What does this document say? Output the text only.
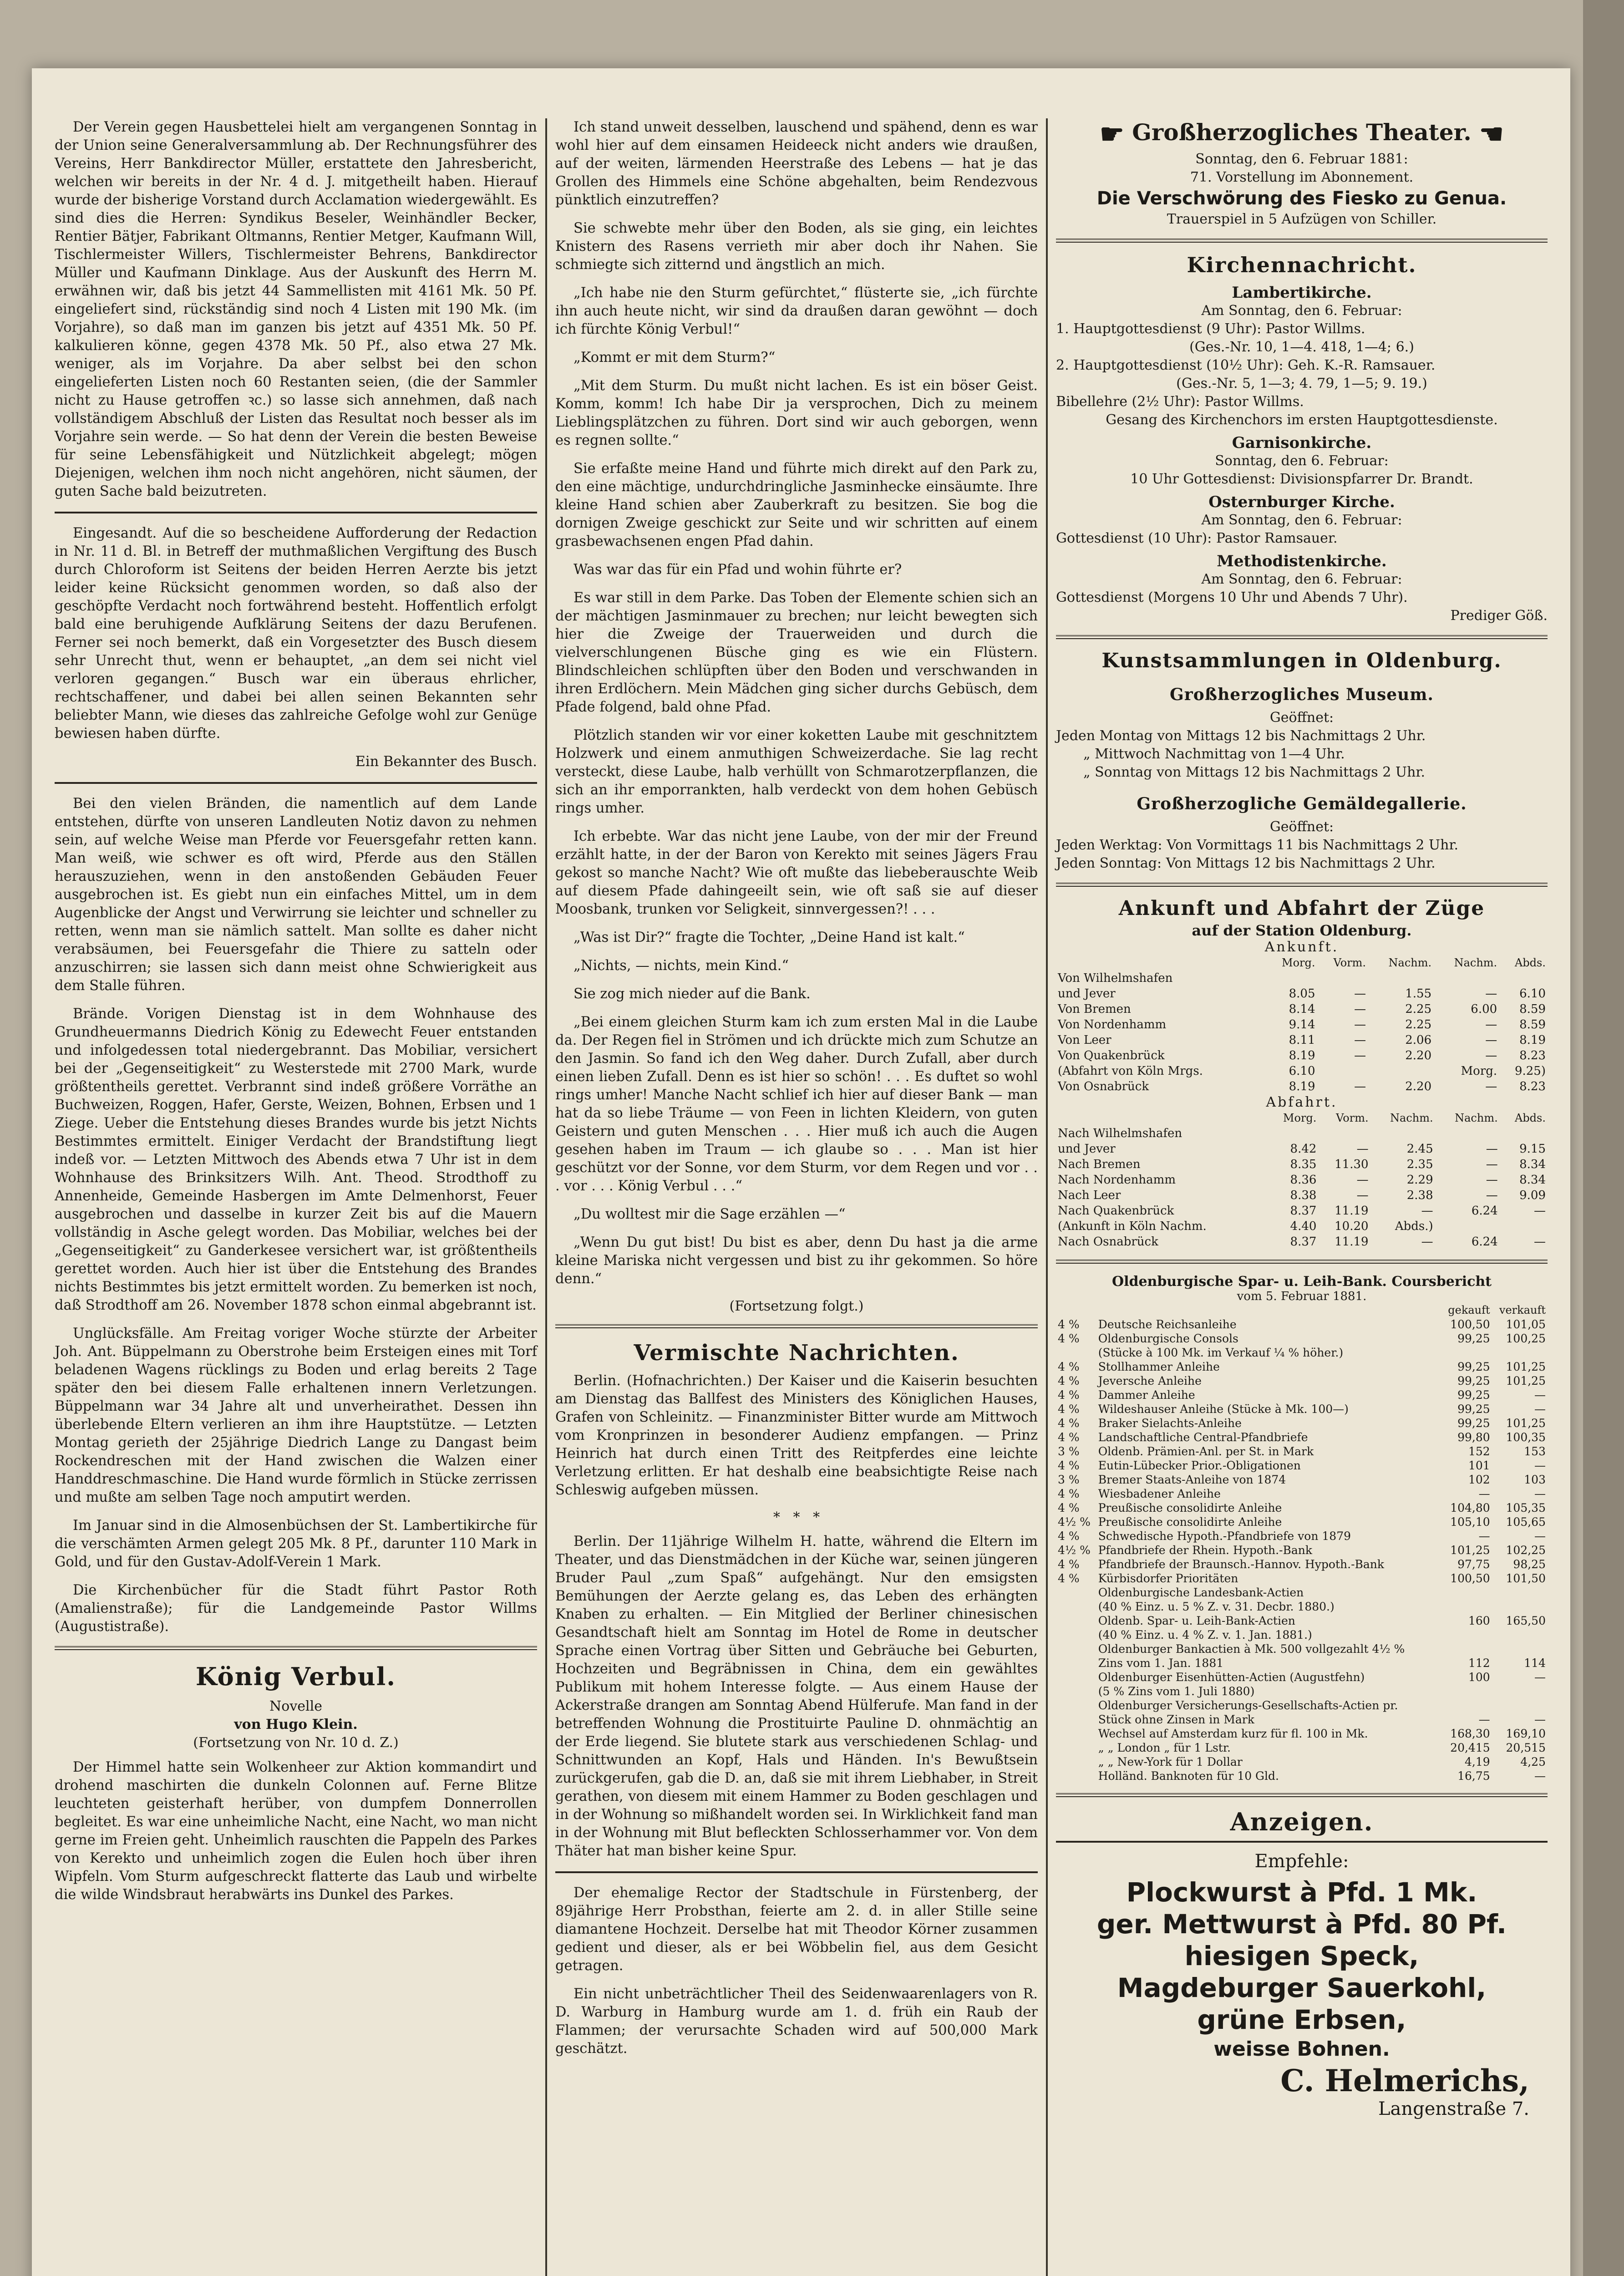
Der Verein gegen Hausbettelei hielt am vergangenen Sonntag in der Union seine Generalversammlung ab. Der Rechnungsführer des Vereins, Herr Bankdirector Müller, erstattete den Jahresbericht, welchen wir bereits in der Nr. 4 d. J. mitgetheilt haben. Hierauf wurde der bisherige Vorstand durch Acclamation wiedergewählt. Es sind dies die Herren: Syndikus Beseler, Weinhändler Becker, Rentier Bätjer, Fabrikant Oltmanns, Rentier Metger, Kaufmann Will, Tischlermeister Willers, Tischlermeister Behrens, Bankdirector Müller und Kaufmann Dinklage. Aus der Auskunft des Herrn M. erwähnen wir, daß bis jetzt 44 Sammellisten mit 4161 Mk. 50 Pf. eingeliefert sind, rückständig sind noch 4 Listen mit 190 Mk. (im Vorjahre), so daß man im ganzen bis jetzt auf 4351 Mk. 50 Pf. kalkulieren könne, gegen 4378 Mk. 50 Pf., also etwa 27 Mk. weniger, als im Vorjahre. Da aber selbst bei den schon eingelieferten Listen noch 60 Restanten seien, (die der Sammler nicht zu Hause getroffen ꝛc.) so lasse sich annehmen, daß nach vollständigem Abschluß der Listen das Resultat noch besser als im Vorjahre sein werde. — So hat denn der Verein die besten Beweise für seine Lebensfähigkeit und Nützlichkeit abgelegt; mögen Diejenigen, welchen ihm noch nicht angehören, nicht säumen, der guten Sache bald beizutreten.

Eingesandt. Auf die so bescheidene Aufforderung der Redaction in Nr. 11 d. Bl. in Betreff der muthmaßlichen Vergiftung des Busch durch Chloroform ist Seitens der beiden Herren Aerzte bis jetzt leider keine Rücksicht genommen worden, so daß also der geschöpfte Verdacht noch fortwährend besteht. Hoffentlich erfolgt bald eine beruhigende Aufklärung Seitens der dazu Berufenen. Ferner sei noch bemerkt, daß ein Vorgesetzter des Busch diesem sehr Unrecht thut, wenn er behauptet, „an dem sei nicht viel verloren gegangen.“ Busch war ein überaus ehrlicher, rechtschaffener, und dabei bei allen seinen Bekannten sehr beliebter Mann, wie dieses das zahlreiche Gefolge wohl zur Genüge bewiesen haben dürfte.

Ein Bekannter des Busch.

Bei den vielen Bränden, die namentlich auf dem Lande entstehen, dürfte von unseren Landleuten Notiz davon zu nehmen sein, auf welche Weise man Pferde vor Feuersgefahr retten kann. Man weiß, wie schwer es oft wird, Pferde aus den Ställen herauszuziehen, wenn in den anstoßenden Gebäuden Feuer ausgebrochen ist. Es giebt nun ein einfaches Mittel, um in dem Augenblicke der Angst und Verwirrung sie leichter und schneller zu retten, wenn man sie nämlich sattelt. Man sollte es daher nicht verabsäumen, bei Feuersgefahr die Thiere zu satteln oder anzuschirren; sie lassen sich dann meist ohne Schwierigkeit aus dem Stalle führen.

Brände. Vorigen Dienstag ist in dem Wohnhause des Grundheuermanns Diedrich König zu Edewecht Feuer entstanden und infolgedessen total niedergebrannt. Das Mobiliar, versichert bei der „Gegenseitigkeit“ zu Westerstede mit 2700 Mark, wurde größtentheils gerettet. Verbrannt sind indeß größere Vorräthe an Buchweizen, Roggen, Hafer, Gerste, Weizen, Bohnen, Erbsen und 1 Ziege. Ueber die Entstehung dieses Brandes wurde bis jetzt Nichts Bestimmtes ermittelt. Einiger Verdacht der Brandstiftung liegt indeß vor. — Letzten Mittwoch des Abends etwa 7 Uhr ist in dem Wohnhause des Brinksitzers Wilh. Ant. Theod. Strodthoff zu Annenheide, Gemeinde Hasbergen im Amte Delmenhorst, Feuer ausgebrochen und dasselbe in kurzer Zeit bis auf die Mauern vollständig in Asche gelegt worden. Das Mobiliar, welches bei der „Gegenseitigkeit“ zu Ganderkesee versichert war, ist größtentheils gerettet worden. Auch hier ist über die Entstehung des Brandes nichts Bestimmtes bis jetzt ermittelt worden. Zu bemerken ist noch, daß Strodthoff am 26. November 1878 schon einmal abgebrannt ist.

Unglücksfälle. Am Freitag voriger Woche stürzte der Arbeiter Joh. Ant. Büppelmann zu Oberstrohe beim Ersteigen eines mit Torf beladenen Wagens rücklings zu Boden und erlag bereits 2 Tage später den bei diesem Falle erhaltenen innern Verletzungen. Büppelmann war 34 Jahre alt und unverheirathet. Dessen ihn überlebende Eltern verlieren an ihm ihre Hauptstütze. — Letzten Montag gerieth der 25jährige Diedrich Lange zu Dangast beim Rockendreschen mit der Hand zwischen die Walzen einer Handdreschmaschine. Die Hand wurde förmlich in Stücke zerrissen und mußte am selben Tage noch amputirt werden.

Im Januar sind in die Almosenbüchsen der St. Lambertikirche für die verschämten Armen gelegt 205 Mk. 8 Pf., darunter 110 Mark in Gold, und für den Gustav-Adolf-Verein 1 Mark.

Die Kirchenbücher für die Stadt führt Pastor Roth (Amalienstraße); für die Landgemeinde Pastor Willms (Augustistraße).

König Verbul.
Novelle
von Hugo Klein.
(Fortsetzung von Nr. 10 d. Z.)

Der Himmel hatte sein Wolkenheer zur Aktion kommandirt und drohend maschirten die dunkeln Colonnen auf. Ferne Blitze leuchteten geisterhaft herüber, von dumpfem Donnerrollen begleitet. Es war eine unheimliche Nacht, eine Nacht, wo man nicht gerne im Freien geht. Unheimlich rauschten die Pappeln des Parkes von Kerekto und unheimlich zogen die Eulen hoch über ihren Wipfeln. Vom Sturm aufgeschreckt flatterte das Laub und wirbelte die wilde Windsbraut herabwärts ins Dunkel des Parkes.

Ich stand unweit desselben, lauschend und spähend, denn es war wohl hier auf dem einsamen Heideeck nicht anders wie draußen, auf der weiten, lärmenden Heerstraße des Lebens — hat je das Grollen des Himmels eine Schöne abgehalten, beim Rendezvous pünktlich einzutreffen?

Sie schwebte mehr über den Boden, als sie ging, ein leichtes Knistern des Rasens verrieth mir aber doch ihr Nahen. Sie schmiegte sich zitternd und ängstlich an mich.

„Ich habe nie den Sturm gefürchtet,“ flüsterte sie, „ich fürchte ihn auch heute nicht, wir sind da draußen daran gewöhnt — doch ich fürchte König Verbul!“

„Kommt er mit dem Sturm?“

„Mit dem Sturm. Du mußt nicht lachen. Es ist ein böser Geist. Komm, komm! Ich habe Dir ja versprochen, Dich zu meinem Lieblingsplätzchen zu führen. Dort sind wir auch geborgen, wenn es regnen sollte.“

Sie erfaßte meine Hand und führte mich direkt auf den Park zu, den eine mächtige, undurchdringliche Jasminhecke einsäumte. Ihre kleine Hand schien aber Zauberkraft zu besitzen. Sie bog die dornigen Zweige geschickt zur Seite und wir schritten auf einem grasbewachsenen engen Pfad dahin.

Was war das für ein Pfad und wohin führte er?

Es war still in dem Parke. Das Toben der Elemente schien sich an der mächtigen Jasminmauer zu brechen; nur leicht bewegten sich hier die Zweige der Trauerweiden und durch die vielverschlungenen Büsche ging es wie ein Flüstern. Blindschleichen schlüpften über den Boden und verschwanden in ihren Erdlöchern. Mein Mädchen ging sicher durchs Gebüsch, dem Pfade folgend, bald ohne Pfad.

Plötzlich standen wir vor einer koketten Laube mit geschnitztem Holzwerk und einem anmuthigen Schweizerdache. Sie lag recht versteckt, diese Laube, halb verhüllt von Schmarotzerpflanzen, die sich an ihr emporrankten, halb verdeckt von dem hohen Gebüsch rings umher.

Ich erbebte. War das nicht jene Laube, von der mir der Freund erzählt hatte, in der der Baron von Kerekto mit seines Jägers Frau gekost so manche Nacht? Wie oft mußte das liebeberauschte Weib auf diesem Pfade dahingeeilt sein, wie oft saß sie auf dieser Moosbank, trunken vor Seligkeit, sinnvergessen?! . . .

„Was ist Dir?“ fragte die Tochter, „Deine Hand ist kalt.“

„Nichts, — nichts, mein Kind.“

Sie zog mich nieder auf die Bank.

„Bei einem gleichen Sturm kam ich zum ersten Mal in die Laube da. Der Regen fiel in Strömen und ich drückte mich zum Schutze an den Jasmin. So fand ich den Weg daher. Durch Zufall, aber durch einen lieben Zufall. Denn es ist hier so schön! . . . Es duftet so wohl rings umher! Manche Nacht schlief ich hier auf dieser Bank — man hat da so liebe Träume — von Feen in lichten Kleidern, von guten Geistern und guten Menschen . . . Hier muß ich auch die Augen gesehen haben im Traum — ich glaube so . . . Man ist hier geschützt vor der Sonne, vor dem Sturm, vor dem Regen und vor . . . vor . . . König Verbul . . .“

„Du wolltest mir die Sage erzählen —“

„Wenn Du gut bist! Du bist es aber, denn Du hast ja die arme kleine Mariska nicht vergessen und bist zu ihr gekommen. So höre denn.“

(Fortsetzung folgt.)
Vermischte Nachrichten.

Berlin. (Hofnachrichten.) Der Kaiser und die Kaiserin besuchten am Dienstag das Ballfest des Ministers des Königlichen Hauses, Grafen von Schleinitz. — Finanzminister Bitter wurde am Mittwoch vom Kronprinzen in besonderer Audienz empfangen. — Prinz Heinrich hat durch einen Tritt des Reitpferdes eine leichte Verletzung erlitten. Er hat deshalb eine beabsichtigte Reise nach Schleswig aufgeben müssen.

*   *   *

Berlin. Der 11jährige Wilhelm H. hatte, während die Eltern im Theater, und das Dienstmädchen in der Küche war, seinen jüngeren Bruder Paul „zum Spaß“ aufgehängt. Nur den emsigsten Bemühungen der Aerzte gelang es, das Leben des erhängten Knaben zu erhalten. — Ein Mitglied der Berliner chinesischen Gesandtschaft hielt am Sonntag im Hotel de Rome in deutscher Sprache einen Vortrag über Sitten und Gebräuche bei Geburten, Hochzeiten und Begräbnissen in China, dem ein gewähltes Publikum mit hohem Interesse folgte. — Aus einem Hause der Ackerstraße drangen am Sonntag Abend Hülferufe. Man fand in der betreffenden Wohnung die Prostituirte Pauline D. ohnmächtig an der Erde liegend. Sie blutete stark aus verschiedenen Schlag- und Schnittwunden an Kopf, Hals und Händen. In's Bewußtsein zurückgerufen, gab die D. an, daß sie mit ihrem Liebhaber, in Streit gerathen, von diesem mit einem Hammer zu Boden geschlagen und in der Wohnung so mißhandelt worden sei. In Wirklichkeit fand man in der Wohnung mit Blut befleckten Schlosserhammer vor. Von dem Thäter hat man bisher keine Spur.

Der ehemalige Rector der Stadtschule in Fürstenberg, der 89jährige Herr Probsthan, feierte am 2. d. in aller Stille seine diamantene Hochzeit. Derselbe hat mit Theodor Körner zusammen gedient und dieser, als er bei Wöbbelin fiel, aus dem Gesicht getragen.

Ein nicht unbeträchtlicher Theil des Seidenwaarenlagers von R. D. Warburg in Hamburg wurde am 1. d. früh ein Raub der Flammen; der verursachte Schaden wird auf 500,000 Mark geschätzt.

☛ Großherzogliches Theater. ☛
Sonntag, den 6. Februar 1881:
71. Vorstellung im Abonnement.
Die Verschwörung des Fiesko zu Genua.
Trauerspiel in 5 Aufzügen von Schiller.
Kirchennachricht.
Lambertikirche.
Am Sonntag, den 6. Februar:
1. Hauptgottesdienst (9 Uhr): Pastor Willms.
(Ges.-Nr. 10, 1—4. 418, 1—4; 6.)
2. Hauptgottesdienst (10½ Uhr): Geh. K.-R. Ramsauer.
(Ges.-Nr. 5, 1—3; 4. 79, 1—5; 9. 19.)
Bibellehre (2½ Uhr): Pastor Willms.
Gesang des Kirchenchors im ersten Hauptgottesdienste.
Garnisonkirche.
Sonntag, den 6. Februar:
10 Uhr Gottesdienst: Divisionspfarrer Dr. Brandt.
Osternburger Kirche.
Am Sonntag, den 6. Februar:
Gottesdienst (10 Uhr): Pastor Ramsauer.
Methodistenkirche.
Am Sonntag, den 6. Februar:
Gottesdienst (Morgens 10 Uhr und Abends 7 Uhr).
Prediger Göß.
Kunstsammlungen in Oldenburg.
Großherzogliches Museum.
Geöffnet:
Jeden Montag von Mittags 12 bis Nachmittags 2 Uhr.
„ Mittwoch Nachmittag von 1—4 Uhr.
„ Sonntag von Mittags 12 bis Nachmittags 2 Uhr.
Großherzogliche Gemäldegallerie.
Geöffnet:
Jeden Werktag: Von Vormittags 11 bis Nachmittags 2 Uhr.
Jeden Sonntag: Von Mittags 12 bis Nachmittags 2 Uhr.
Ankunft und Abfahrt der Züge
auf der Station Oldenburg.
Ankunft.
	Morg.	Vorm.	Nachm.	Nachm.	Abds.
Von Wilhelmshafen					
und Jever	8.05	—	1.55	—	6.10
Von Bremen	8.14	—	2.25	6.00	8.59
Von Nordenhamm	9.14	—	2.25	—	8.59
Von Leer	8.11	—	2.06	—	8.19
Von Quakenbrück	8.19	—	2.20	—	8.23
(Abfahrt von Köln Mrgs.	6.10			Morg.	9.25)
Von Osnabrück	8.19	—	2.20	—	8.23
Abfahrt.
	Morg.	Vorm.	Nachm.	Nachm.	Abds.
Nach Wilhelmshafen					
und Jever	8.42	—	2.45	—	9.15
Nach Bremen	8.35	11.30	2.35	—	8.34
Nach Nordenhamm	8.36	—	2.29	—	8.34
Nach Leer	8.38	—	2.38	—	9.09
Nach Quakenbrück	8.37	11.19	—	6.24	—
(Ankunft in Köln Nachm.	4.40	10.20	Abds.)		
Nach Osnabrück	8.37	11.19	—	6.24	—
Oldenburgische Spar- u. Leih-Bank. Coursbericht
vom 5. Februar 1881.
		gekauft	verkauft
4 %	Deutsche Reichsanleihe	100,50	101,05
4 %	Oldenburgische Consols	99,25	100,25
	(Stücke à 100 Mk. im Verkauf ¼ % höher.)		
4 %	Stollhammer Anleihe	99,25	101,25
4 %	Jeversche Anleihe	99,25	101,25
4 %	Dammer Anleihe	99,25	—
4 %	Wildeshauser Anleihe (Stücke à Mk. 100—)	99,25	—
4 %	Braker Sielachts-Anleihe	99,25	101,25
4 %	Landschaftliche Central-Pfandbriefe	99,80	100,35
3 %	Oldenb. Prämien-Anl. per St. in Mark	152	153
4 %	Eutin-Lübecker Prior.-Obligationen	101	—
3 %	Bremer Staats-Anleihe von 1874	102	103
4 %	Wiesbadener Anleihe	—	—
4 %	Preußische consolidirte Anleihe	104,80	105,35
4½ %	Preußische consolidirte Anleihe	105,10	105,65
4 %	Schwedische Hypoth.-Pfandbriefe von 1879	—	—
4½ %	Pfandbriefe der Rhein. Hypoth.-Bank	101,25	102,25
4 %	Pfandbriefe der Braunsch.-Hannov. Hypoth.-Bank	97,75	98,25
4 %	Kürbisdorfer Prioritäten	100,50	101,50
	Oldenburgische Landesbank-Actien		
	(40 % Einz. u. 5 % Z. v. 31. Decbr. 1880.)		
	Oldenb. Spar- u. Leih-Bank-Actien	160	165,50
	(40 % Einz. u. 4 % Z. v. 1. Jan. 1881.)		
	Oldenburger Bankactien à Mk. 500 vollgezahlt 4½ %		
	Zins vom 1. Jan. 1881	112	114
	Oldenburger Eisenhütten-Actien (Augustfehn)	100	—
	(5 % Zins vom 1. Juli 1880)		
	Oldenburger Versicherungs-Gesellschafts-Actien pr.		
	Stück ohne Zinsen in Mark	—	—
	Wechsel auf Amsterdam kurz für fl. 100 in Mk.	168,30	169,10
	„ „ London „ für 1 Lstr.	20,415	20,515
	„ „ New-York für 1 Dollar	4,19	4,25
	Holländ. Banknoten für 10 Gld.	16,75	—
Anzeigen.
Empfehle:
Plockwurst à Pfd. 1 Mk.
ger. Mettwurst à Pfd. 80 Pf.
hiesigen Speck,
Magdeburger Sauerkohl,
grüne Erbsen,
weisse Bohnen.
C. Helmerichs,
Langenstraße 7.
